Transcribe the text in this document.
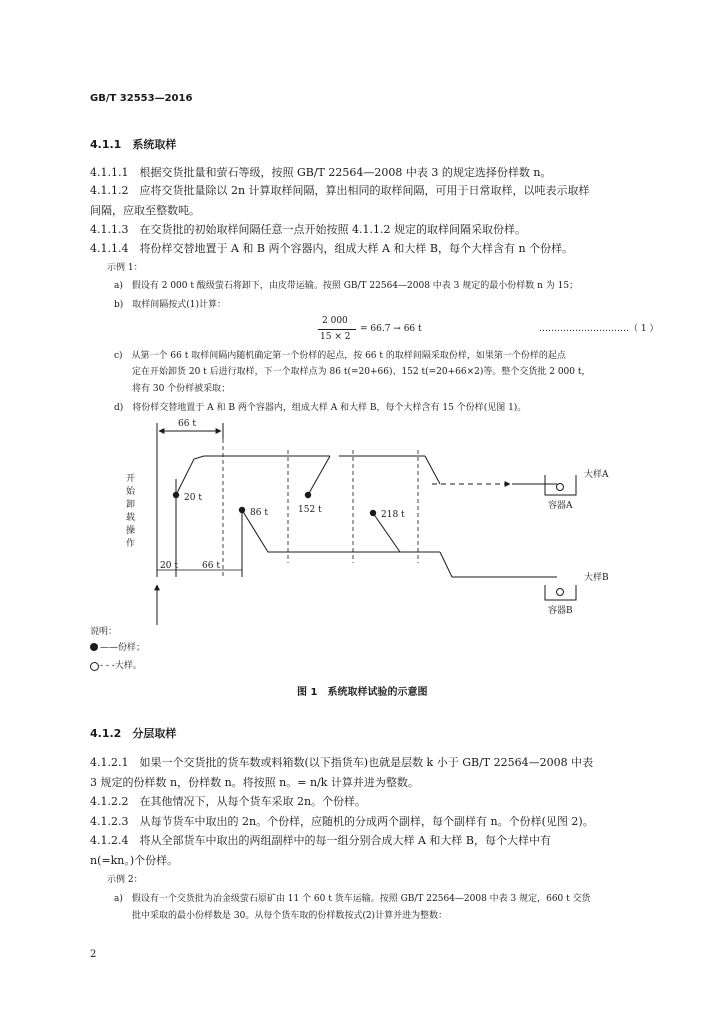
GB/T 32553—2016
4.1.1　系统取样
4.1.1.1　根据交货批量和萤石等级，按照 GB/T 22564—2008 中表 3 的规定选择份样数 n。
4.1.1.2　应将交货批量除以 2n 计算取样间隔，算出相同的取样间隔，可用于日常取样，以吨表示取样
间隔，应取至整数吨。
4.1.1.3　在交货批的初始取样间隔任意一点开始按照 4.1.1.2 规定的取样间隔采取份样。
4.1.1.4　将份样交替地置于 A 和 B 两个容器内，组成大样 A 和大样 B，每个大样含有 n 个份样。
示例 1：
a)　假设有 2 000 t 酸级萤石将卸下，由皮带运输。按照 GB/T 22564—2008 中表 3 规定的最小份样数 n 为 15；
b)　取样间隔按式(1)计算：
2 000
15 × 2
= 66.7 → 66 t	…………………………（ 1 ）
c)　从第一个 66 t 取样间隔内随机确定第一个份样的起点，按 66 t 的取样间隔采取份样，如果第一个份样的起点
定在开始卸货 20 t 后进行取样，下一个取样点为 86 t(=20+66)、152 t(=20+66×2)等。整个交货批 2 000 t，
将有 30 个份样被采取；
d)　将份样交替地置于 A 和 B 两个容器内，组成大样 A 和大样 B，每个大样含有 15 个份样(见图 1)。
66 t
开
始
卸
载
操
作
20 t	66 t
20 t
86 t	152 t	218 t
大样A
容器A
大样B
容器B
说明：
——份样；
- - -大样。
图 1　系统取样试验的示意图
4.1.2　分层取样
4.1.2.1　如果一个交货批的货车数或料箱数(以下指货车)也就是层数 k 小于 GB/T 22564—2008 中表
3 规定的份样数 n，份样数 n。将按照 n。= n/k 计算并进为整数。
4.1.2.2　在其他情况下，从每个货车采取 2n。个份样。
4.1.2.3　从每节货车中取出的 2n。个份样，应随机的分成两个副样，每个副样有 n。个份样(见图 2)。
4.1.2.4　将从全部货车中取出的两组副样中的每一组分别合成大样 A 和大样 B，每个大样中有
n(=kn。)个份样。
示例 2：
a)　假设有一个交货批为冶金级萤石原矿由 11 个 60 t 货车运输。按照 GB/T 22564—2008 中表 3 规定，660 t 交货
批中采取的最小份样数是 30。从每个货车取的份样数按式(2)计算并进为整数：
2
